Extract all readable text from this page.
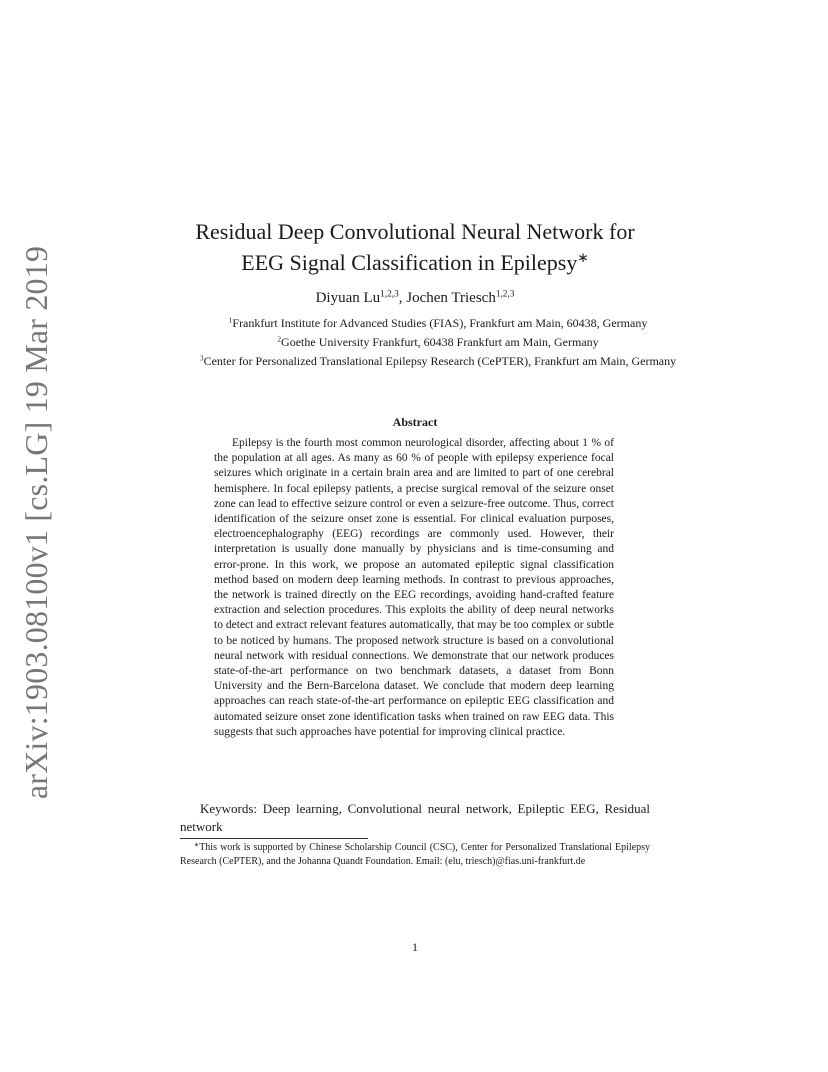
arXiv:1903.08100v1 [cs.LG] 19 Mar 2019
Residual Deep Convolutional Neural Network for
EEG Signal Classification in Epilepsy∗
Diyuan Lu$^{1,2,3}$, Jochen Triesch$^{1,2,3}$
$^1$Frankfurt Institute for Advanced Studies (FIAS), Frankfurt am Main, 60438, Germany
$^2$Goethe University Frankfurt, 60438 Frankfurt am Main, Germany
$^3$Center for Personalized Translational Epilepsy Research (CePTER), Frankfurt am Main, Germany
Abstract

Epilepsy is the fourth most common neurological disorder, affecting about 1 % of the population at all ages. As many as 60 % of people with epilepsy experience focal seizures which originate in a certain brain area and are limited to part of one cerebral hemisphere. In focal epilepsy patients, a precise surgical removal of the seizure onset zone can lead to effective seizure control or even a seizure-free outcome. Thus, correct identification of the seizure onset zone is essential. For clinical evaluation purposes, electroencephalography (EEG) recordings are commonly used. However, their interpretation is usually done manually by physicians and is time-consuming and error-prone. In this work, we propose an automated epileptic signal classification method based on modern deep learning methods. In contrast to previous approaches, the network is trained directly on the EEG recordings, avoiding hand-crafted feature extraction and selection procedures. This exploits the ability of deep neural networks to detect and extract relevant features automatically, that may be too complex or subtle to be noticed by humans. The proposed network structure is based on a convolutional neural network with residual connections. We demonstrate that our network produces state-of-the-art performance on two benchmark datasets, a dataset from Bonn University and the Bern-Barcelona dataset. We conclude that modern deep learning approaches can reach state-of-the-art performance on epileptic EEG classification and automated seizure onset zone identification tasks when trained on raw EEG data. This suggests that such approaches have potential for improving clinical practice.

Keywords: Deep learning, Convolutional neural network, Epileptic EEG, Residual network

∗This work is supported by Chinese Scholarship Council (CSC), Center for Personalized Translational Epilepsy Research (CePTER), and the Johanna Quandt Foundation. Email: (elu, triesch)@fias.uni-frankfurt.de

1
